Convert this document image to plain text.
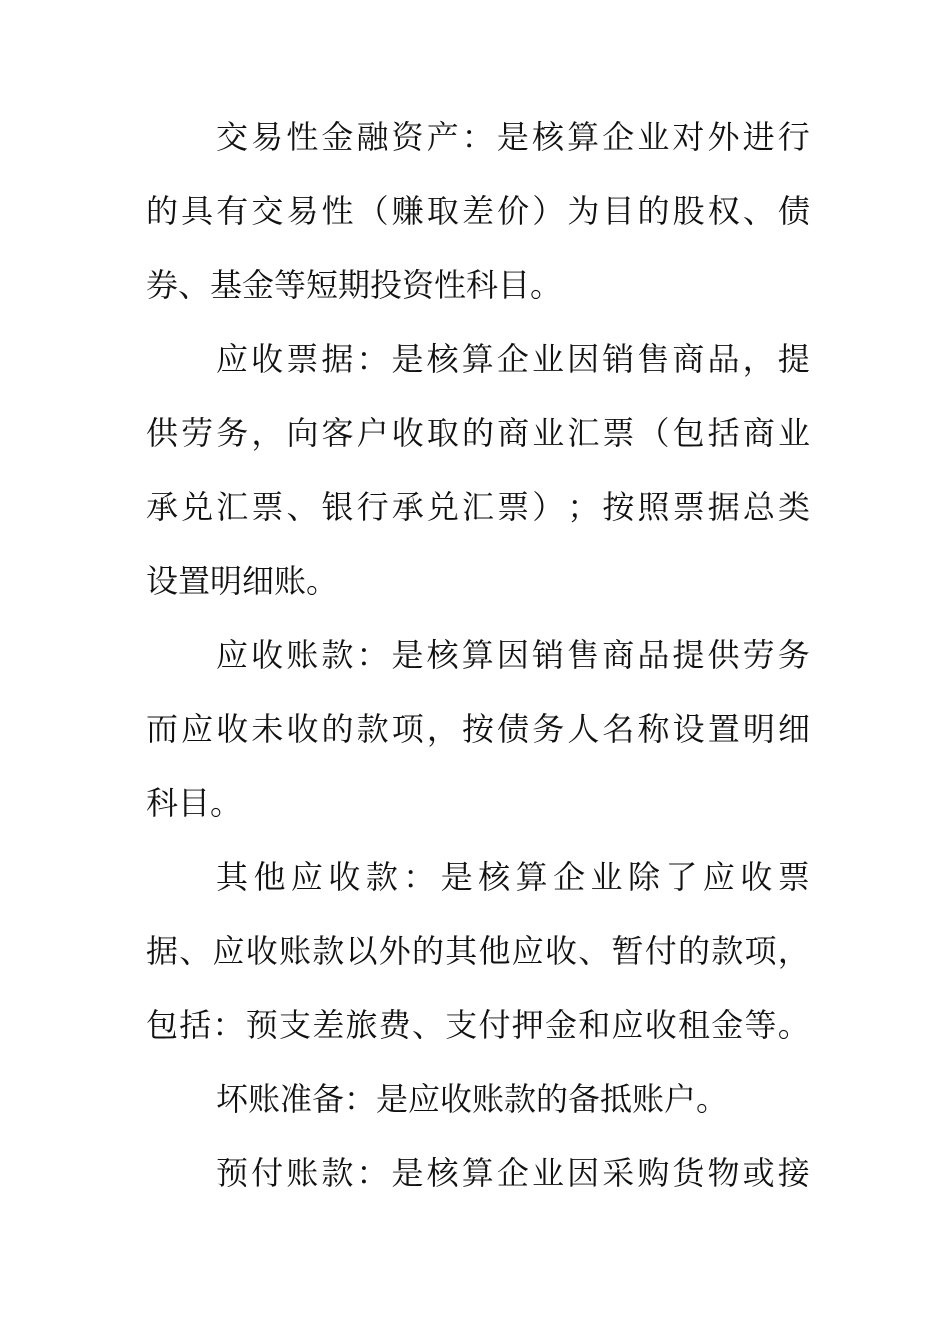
交 易 性 金 融 资 产 ： 是 核 算 企 业 对 外 进 行
的 具 有 交 易 性 （ 赚 取 差 价 ） 为 目 的 股 权 、 债
券、基金等短期投资性科目。
应 收 票 据 ： 是 核 算 企 业 因 销 售 商 品 ， 提
供 劳 务 ， 向 客 户 收 取 的 商 业 汇 票 （ 包 括 商 业
承 兑 汇 票 、 银 行 承 兑 汇 票 ） ； 按 照 票 据 总 类
设置明细账。
应 收 账 款 ： 是 核 算 因 销 售 商 品 提 供 劳 务
而 应 收 未 收 的 款 项 ， 按 债 务 人 名 称 设 置 明 细
科目。
其 他 应 收 款 ： 是 核 算 企 业 除 了 应 收 票
据 、 应 收 账 款 以 外 的 其 他 应 收 、 暂 付 的 款 项 ，
包 括 ： 预 支 差 旅 费 、 支 付 押 金 和 应 收 租 金 等 。
坏账准备：是应收账款的备抵账户。
预 付 账 款 ： 是 核 算 企 业 因 采 购 货 物 或 接
